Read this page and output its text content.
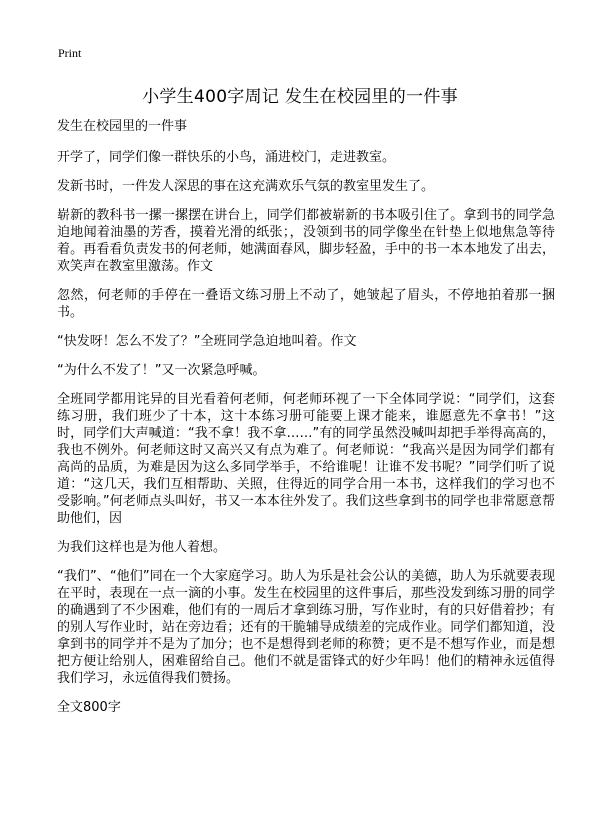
Print
小学生400字周记 发生在校园里的一件事

发生在校园里的一件事

开学了，同学们像一群快乐的小鸟，涌进校门，走进教室。

发新书时，一件发人深思的事在这充满欢乐气氛的教室里发生了。

崭新的教科书一摞一摞摆在讲台上，同学们都被崭新的书本吸引住了。拿到书的同学急迫地闻着油墨的芳香，摸着光滑的纸张；，没领到书的同学像坐在针垫上似地焦急等待着。再看看负责发书的何老师，她满面春风，脚步轻盈，手中的书一本本地发了出去，欢笑声在教室里激荡。作文

忽然，何老师的手停在一叠语文练习册上不动了，她皱起了眉头，不停地拍着那一捆书。

“快发呀！怎么不发了？”全班同学急迫地叫着。作文

“为什么不发了！”又一次紧急呼喊。

全班同学都用诧异的目光看着何老师，何老师环视了一下全体同学说：“同学们，这套练习册，我们班少了十本，这十本练习册可能要上课才能来，谁愿意先不拿书！”这时，同学们大声喊道：“我不拿！我不拿……”有的同学虽然没喊叫却把手举得高高的，我也不例外。何老师这时又高兴又有点为难了。何老师说：“我高兴是因为同学们都有高尚的品质，为难是因为这么多同学举手，不给谁呢！让谁不发书呢？”同学们听了说道：“这几天，我们互相帮助、关照，住得近的同学合用一本书，这样我们的学习也不受影响。”何老师点头叫好，书又一本本往外发了。我们这些拿到书的同学也非常愿意帮助他们，因

为我们这样也是为他人着想。

“我们”、“他们”同在一个大家庭学习。助人为乐是社会公认的美德，助人为乐就要表现在平时，表现在一点一滴的小事。发生在校园里的这件事后，那些没发到练习册的同学的确遇到了不少困难，他们有的一周后才拿到练习册，写作业时，有的只好借着抄；有的别人写作业时，站在旁边看；还有的干脆辅导成绩差的完成作业。同学们都知道，没拿到书的同学并不是为了加分；也不是想得到老师的称赞；更不是不想写作业，而是想把方便让给别人，困难留给自己。他们不就是雷锋式的好少年吗！他们的精神永远值得我们学习，永远值得我们赞扬。

全文800字
